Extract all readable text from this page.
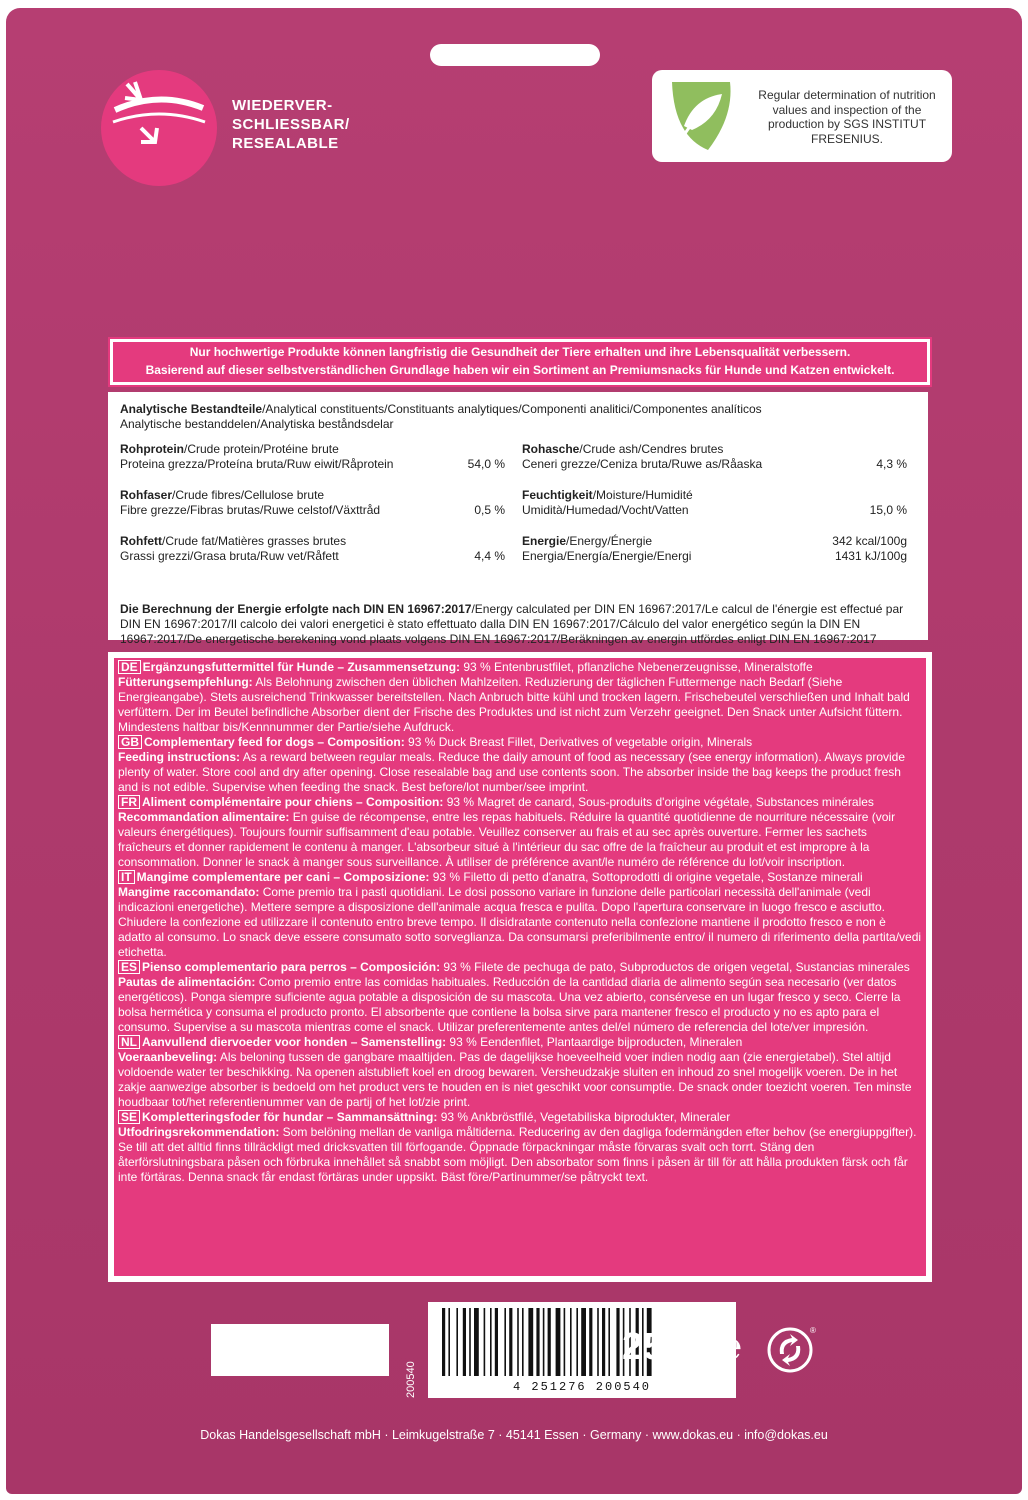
WIEDERVER-
SCHLIESSBAR/
RESEALABLE
Regular determination of nutrition values and inspection of the production by SGS INSTITUT FRESENIUS.
Nur hochwertige Produkte können langfristig die Gesundheit der Tiere erhalten und ihre Lebensqualität verbessern.
Basierend auf dieser selbstverständlichen Grundlage haben wir ein Sortiment an Premiumsnacks für Hunde und Katzen entwickelt.
Analytische Bestandteile/Analytical constituents/Constituants analytiques/Componenti analitici/Componentes analíticos
Analytische bestanddelen/Analytiska beståndsdelar
Rohprotein/Crude protein/Protéine brute
Proteina grezza/Proteína bruta/Ruw eiwit/Råprotein	54,0 %
Rohfaser/Crude fibres/Cellulose brute
Fibre grezze/Fibras brutas/Ruwe celstof/Växttråd	0,5 %
Rohfett/Crude fat/Matières grasses brutes
Grassi grezzi/Grasa bruta/Ruw vet/Råfett	4,4 %
Rohasche/Crude ash/Cendres brutes
Ceneri grezze/Ceniza bruta/Ruwe as/Råaska	4,3 %
Feuchtigkeit/Moisture/Humidité
Umidità/Humedad/Vocht/Vatten	15,0 %
Energie/Energy/Énergie	342 kcal/100g
Energia/Energía/Energie/Energi	1431 kJ/100g
Die Berechnung der Energie erfolgte nach DIN EN 16967:2017/Energy calculated per DIN EN 16967:2017/Le calcul de l'énergie est effectué par DIN EN 16967:2017/Il calcolo dei valori energetici è stato effettuato dalla DIN EN 16967:2017/Cálculo del valor energético según la DIN EN 16967:2017/De energetische berekening vond plaats volgens DIN EN 16967:2017/Beräkningen av energin utfördes enligt DIN EN 16967:2017
DE Ergänzungsfuttermittel für Hunde – Zusammensetzung: 93 % Entenbrustfilet, pflanzliche Nebenerzeugnisse, Mineralstoffe
Fütterungsempfehlung: Als Belohnung zwischen den üblichen Mahlzeiten. Reduzierung der täglichen Futtermenge nach Bedarf (Siehe Energieangabe). Stets ausreichend Trinkwasser bereitstellen. Nach Anbruch bitte kühl und trocken lagern. Frischebeutel verschließen und Inhalt bald verfüttern. Der im Beutel befindliche Absorber dient der Frische des Produktes und ist nicht zum Verzehr geeignet. Den Snack unter Aufsicht füttern. Mindestens haltbar bis/Kennnummer der Partie/siehe Aufdruck.
GB Complementary feed for dogs – Composition: 93 % Duck Breast Fillet, Derivatives of vegetable origin, Minerals
Feeding instructions: As a reward between regular meals. Reduce the daily amount of food as necessary (see energy information). Always provide plenty of water. Store cool and dry after opening. Close resealable bag and use contents soon. The absorber inside the bag keeps the product fresh and is not edible. Supervise when feeding the snack. Best before/lot number/see imprint.
FR Aliment complémentaire pour chiens – Composition: 93 % Magret de canard, Sous-produits d'origine végétale, Substances minérales
Recommandation alimentaire: En guise de récompense, entre les repas habituels. Réduire la quantité quotidienne de nourriture nécessaire (voir valeurs énergétiques). Toujours fournir suffisamment d'eau potable. Veuillez conserver au frais et au sec après ouverture. Fermer les sachets fraîcheurs et donner rapidement le contenu à manger. L'absorbeur situé à l'intérieur du sac offre de la fraîcheur au produit et est impropre à la consommation. Donner le snack à manger sous surveillance. À utiliser de préférence avant/le numéro de référence du lot/voir inscription.
IT Mangime complementare per cani – Composizione: 93 % Filetto di petto d'anatra, Sottoprodotti di origine vegetale, Sostanze minerali
Mangime raccomandato: Come premio tra i pasti quotidiani. Le dosi possono variare in funzione delle particolari necessità dell'animale (vedi indicazioni energetiche). Mettere sempre a disposizione dell'animale acqua fresca e pulita. Dopo l'apertura conservare in luogo fresco e asciutto. Chiudere la confezione ed utilizzare il contenuto entro breve tempo. Il disidratante contenuto nella confezione mantiene il prodotto fresco e non è adatto al consumo. Lo snack deve essere consumato sotto sorveglianza. Da consumarsi preferibilmente entro/ il numero di riferimento della partita/vedi etichetta.
ES Pienso complementario para perros – Composición: 93 % Filete de pechuga de pato, Subproductos de origen vegetal, Sustancias minerales
Pautas de alimentación: Como premio entre las comidas habituales. Reducción de la cantidad diaria de alimento según sea necesario (ver datos energéticos). Ponga siempre suficiente agua potable a disposición de su mascota. Una vez abierto, consérvese en un lugar fresco y seco. Cierre la bolsa hermética y consuma el producto pronto. El absorbente que contiene la bolsa sirve para mantener fresco el producto y no es apto para el consumo. Supervise a su mascota mientras come el snack. Utilizar preferentemente antes del/el número de referencia del lote/ver impresión.
NL Aanvullend diervoeder voor honden – Samenstelling: 93 % Eendenfilet, Plantaardige bijproducten, Mineralen
Voeraanbeveling: Als beloning tussen de gangbare maaltijden. Pas de dagelijkse hoeveelheid voer indien nodig aan (zie energietabel). Stel altijd voldoende water ter beschikking. Na openen alstublieft koel en droog bewaren. Versheudzakje sluiten en inhoud zo snel mogelijk voeren. De in het zakje aanwezige absorber is bedoeld om het product vers te houden en is niet geschikt voor consumptie. De snack onder toezicht voeren. Ten minste houdbaar tot/het referentienummer van de partij of het lot/zie print.
SE Kompletteringsfoder för hundar – Sammansättning: 93 % Ankbröstfilé, Vegetabiliska biprodukter, Mineraler
Utfodringsrekommendation: Som belöning mellan de vanliga måltiderna. Reducering av den dagliga fodermängden efter behov (se energiuppgifter). Se till att det alltid finns tillräckligt med dricksvatten till förfogande. Öppnade förpackningar måste förvaras svalt och torrt. Stäng den återförslutningsbara påsen och förbruka innehållet så snabbt som möjligt. Den absorbator som finns i påsen är till för att hålla produkten färsk och får inte förtäras. Denna snack får endast förtäras under uppsikt. Bäst före/Partinummer/se påtryckt text.
200540	4 251276 200540
250g ℮	®
Dokas Handelsgesellschaft mbH · Leimkugelstraße 7 · 45141 Essen · Germany · www.dokas.eu · info@dokas.eu
